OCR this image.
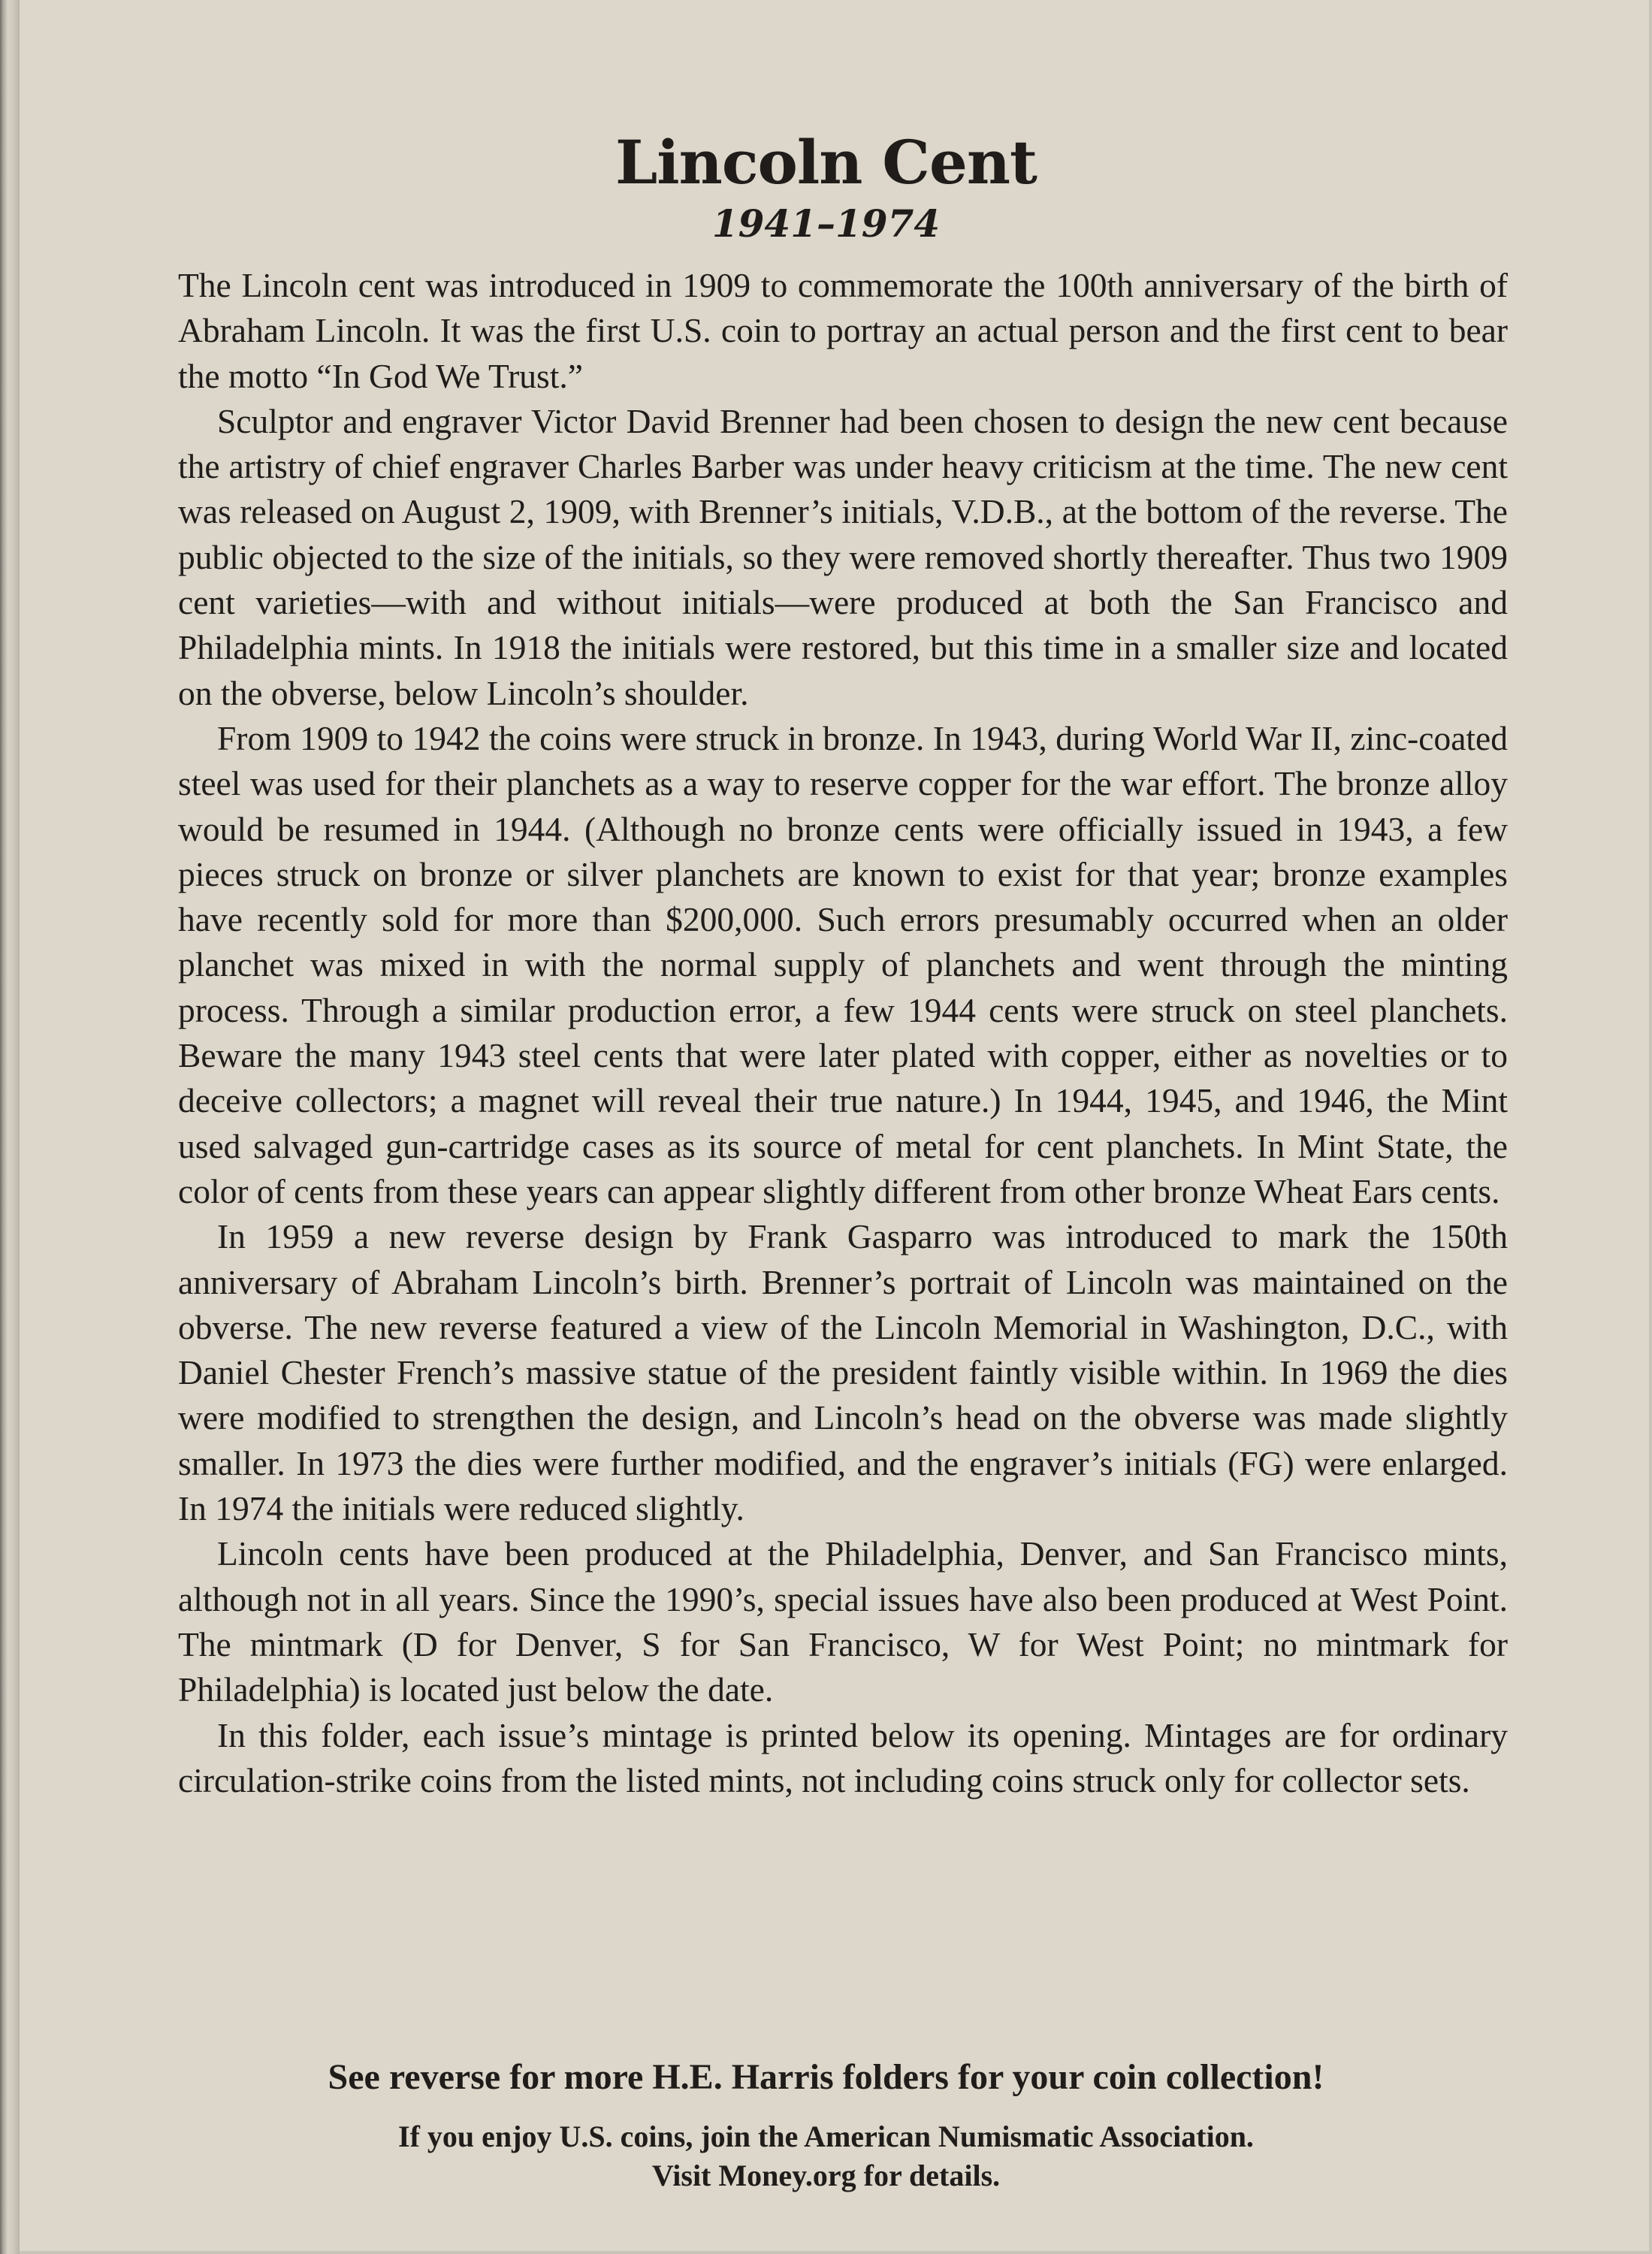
Lincoln Cent
1941–1974

The Lincoln cent was introduced in 1909 to commemorate the 100th anniversary of the birth of Abraham Lincoln. It was the first U.S. coin to portray an actual person and the first cent to bear the motto “In God We Trust.”

Sculptor and engraver Victor David Brenner had been chosen to design the new cent because the artistry of chief engraver Charles Barber was under heavy criticism at the time. The new cent was released on August 2, 1909, with Brenner’s initials, V.D.B., at the bottom of the reverse. The public objected to the size of the initials, so they were removed shortly thereafter. Thus two 1909 cent varieties—with and without initials—were produced at both the San Francisco and Philadelphia mints. In 1918 the initials were restored, but this time in a smaller size and located on the obverse, below Lincoln’s shoulder.

From 1909 to 1942 the coins were struck in bronze. In 1943, during World War II, zinc-coated steel was used for their planchets as a way to reserve copper for the war effort. The bronze alloy would be resumed in 1944. (Although no bronze cents were officially issued in 1943, a few pieces struck on bronze or silver planchets are known to exist for that year; bronze examples have recently sold for more than $200,000. Such errors presumably occurred when an older planchet was mixed in with the normal supply of planchets and went through the minting process. Through a similar production error, a few 1944 cents were struck on steel planchets. Beware the many 1943 steel cents that were later plated with copper, either as novelties or to deceive collectors; a magnet will reveal their true nature.) In 1944, 1945, and 1946, the Mint used salvaged gun-cartridge cases as its source of metal for cent planchets. In Mint State, the color of cents from these years can appear slightly different from other bronze Wheat Ears cents.

In 1959 a new reverse design by Frank Gasparro was introduced to mark the 150th anniversary of Abraham Lincoln’s birth. Brenner’s portrait of Lincoln was maintained on the obverse. The new reverse featured a view of the Lincoln Memorial in Washington, D.C., with Daniel Chester French’s massive statue of the president faintly visible within. In 1969 the dies were modified to strengthen the design, and Lincoln’s head on the obverse was made slightly smaller. In 1973 the dies were further modified, and the engraver’s initials (FG) were enlarged. In 1974 the initials were reduced slightly.

Lincoln cents have been produced at the Philadelphia, Denver, and San Francisco mints, although not in all years. Since the 1990’s, special issues have also been produced at West Point. The mintmark (D for Denver, S for San Francisco, W for West Point; no mintmark for Philadelphia) is located just below the date.

In this folder, each issue’s mintage is printed below its opening. Mintages are for ordinary circulation-strike coins from the listed mints, not including coins struck only for collector sets.

See reverse for more H.E. Harris folders for your coin collection!
If you enjoy U.S. coins, join the American Numismatic Association.
Visit Money.org for details.
